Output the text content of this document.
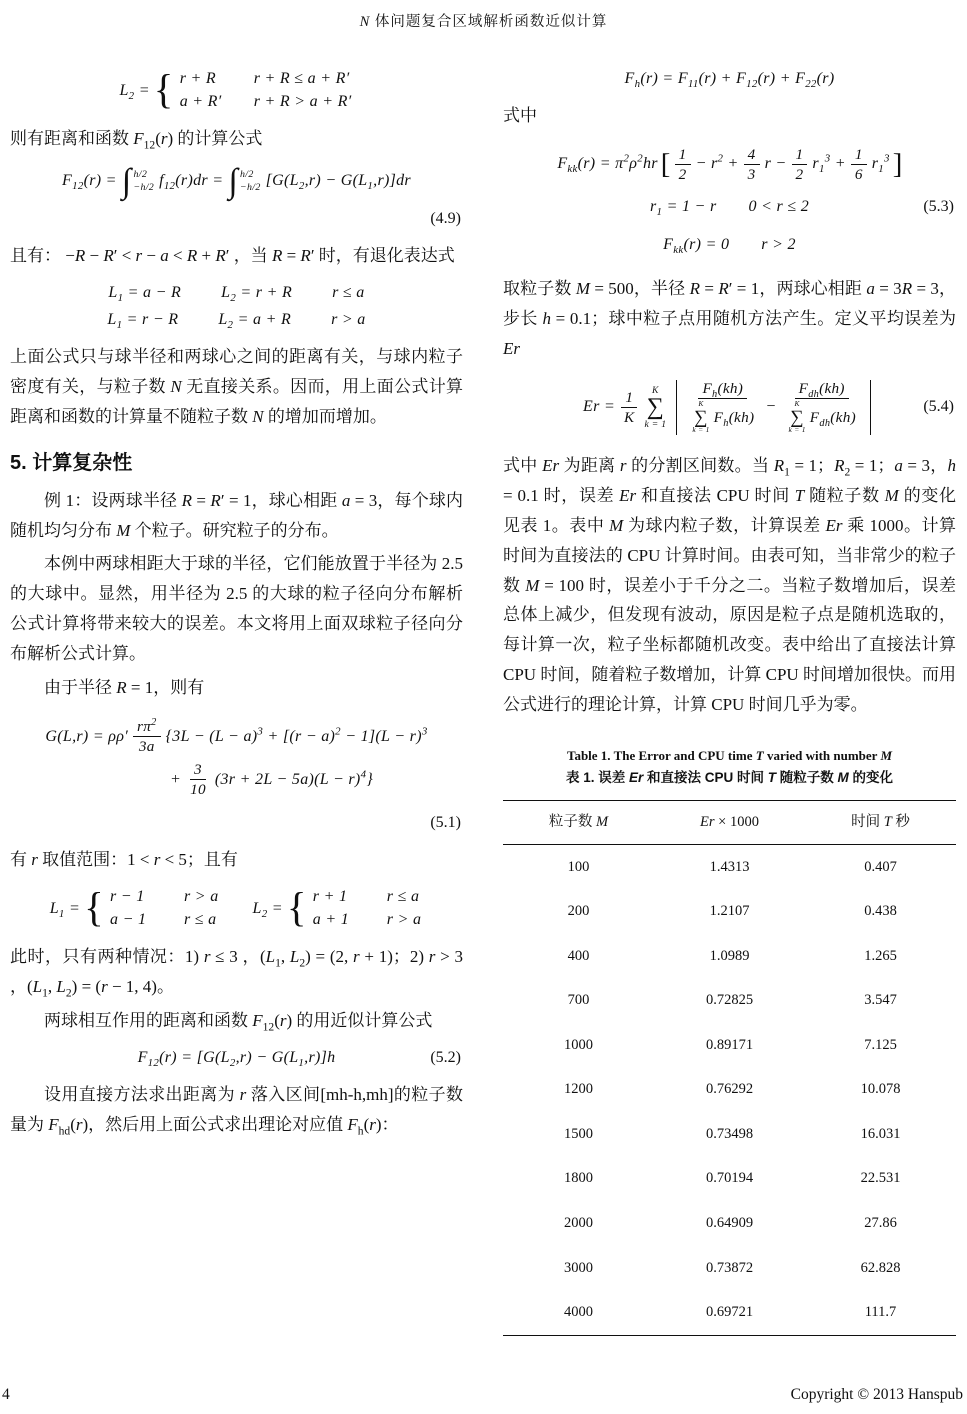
N 体问题复合区域解析函数近似计算
$L_2$ = { r + R	r + R ≤ a + R′
a + R′	r + R > a + R′

则有距离和函数 $F_{12}(r)$ 的计算公式

$F_{12}(r)$ = ∫ h/2
−h/2 $f_{12}(r)dr$ = ∫ h/2
−h/2 $[G(L_2,r) - G(L_1,r)]dr$
(4.9)

且有： −R − R′ < r − a < R + R′ ，当 R = R′ 时，有退化表达式

$L_1 = a - R$	$L_2 = r + R$	r ≤ a
$L_1 = r - R$	$L_2 = a + R$	r > a

上面公式只与球半径和两球心之间的距离有关，与球内粒子密度有关，与粒子数 N 无直接关系。因而，用上面公式计算距离和函数的计算量不随粒子数 N 的增加而增加。

5. 计算复杂性

例 1：设两球半径 R = R′ = 1，球心相距 a = 3，每个球内随机均匀分布 M 个粒子。研究粒子的分布。

本例中两球相距大于球的半径，它们能放置于半径为 2.5 的大球中。显然，用半径为 2.5 的大球的粒子径向分布解析公式计算将带来较大的误差。本文将用上面双球粒子径向分布解析公式计算。

由于半径 R = 1，则有

$G(L,r) = \rho\rho' \frac{r\pi^2}{3a} \{3L - (L - a)^3 + [(r - a)^2 - 1](L - r)^3$
+ $\frac{3}{10} (3r + 2L - 5a)(L - r)^4$}
(5.1)

有 r 取值范围：1 < r < 5；且有

$L_1$ = { r − 1	r > a
a − 1	r ≤ a
$L_2$ = { r + 1	r ≤ a
a + 1	r > a

此时，只有两种情况：1) r ≤ 3 ，($L_1$, $L_2) = (2$, r + 1)；2) r > 3 ，($L_1$, $L_2) = (r - 1$, 4)。

两球相互作用的距离和函数 $F_{12}(r)$ 的用近似计算公式

$F_{12}(r) = [G(L_2,r) - G(L_1,r)]h$	(5.2)

设用直接方法求出距离为 r 落入区间[mh-h,mh]的粒子数量为 $F_{hd}(r)$，然后用上面公式求出理论对应值 $F_h(r)$：

$F_h(r) = F_{11}(r) + F_{12}(r) + F_{22}(r)$

式中

$F_{kk}(r) = \pi^2\rho^2hr$ [ $\frac{1}{2} - r^2 + \frac{4}{3}$ $r - \frac{1}{2} r_1^3 + \frac{1}{6} r_1^3$ ]
$r_1 = 1 - r$ 0 < r ≤ 2	(5.3)
$F_{kk}(r) = 0$ r > 2

取粒子数 M = 500，半径 R = R′ = 1，两球心相距 a = 3R = 3，步长 h = 0.1；球中粒子点用随机方法产生。定义平均误差为 Er

$Er = \frac{1}{K}$ K
∑
k = 1
$F_h(kh)$
K
∑
k = 1
$F_h(kh)$
−
$F_{dh}(kh)$
K
∑
k = 1
$F_{dh}(kh)$
(5.4)

式中 Er 为距离 r 的分割区间数。当 $R_1 = 1$；$R_2 = 1$；a = 3，h = 0.1 时，误差 Er 和直接法 CPU 时间 T 随粒子数 M 的变化见表 1。表中 M 为球内粒子数，计算误差 Er 乘 1000。计算时间为直接法的 CPU 计算时间。由表可知，当非常少的粒子数 M = 100 时，误差小于千分之二。当粒子数增加后，误差总体上减少，但发现有波动，原因是粒子点是随机选取的，每计算一次，粒子坐标都随机改变。表中给出了直接法计算 CPU 时间，随着粒子数增加，计算 CPU 时间增加很快。而用公式进行的理论计算，计算 CPU 时间几乎为零。

Table 1. The Error and CPU time T varied with number M
表 1. 误差 Er 和直接法 CPU 时间 T 随粒子数 M 的变化
粒子数 M	Er × 1000	时间 T 秒
100	1.4313	0.407
200	1.2107	0.438
400	1.0989	1.265
700	0.72825	3.547
1000	0.89171	7.125
1200	0.76292	10.078
1500	0.73498	16.031
1800	0.70194	22.531
2000	0.64909	27.86
3000	0.73872	62.828
4000	0.69721	111.7
4	Copyright © 2013 Hanspub
